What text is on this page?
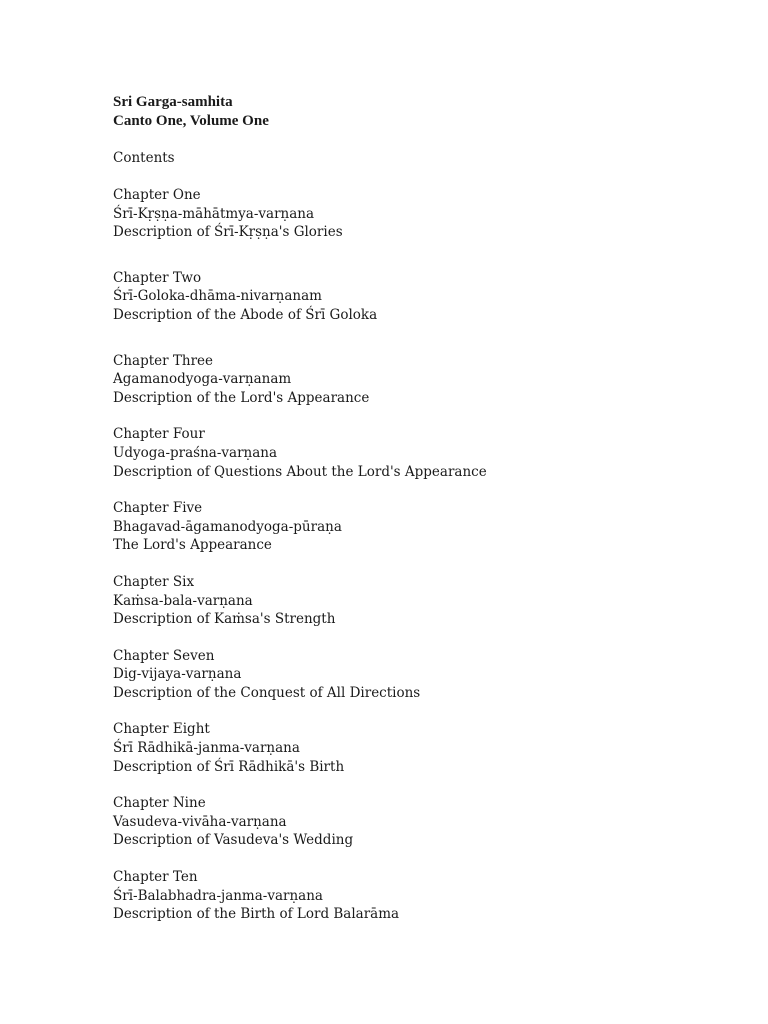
Sri Garga-samhita
Canto One, Volume One
Contents
Chapter One
Śrī-Kṛṣṇa-māhātmya-varṇana
Description of Śrī-Kṛṣṇa's Glories
Chapter Two
Śrī-Goloka-dhāma-nivarṇanam
Description of the Abode of Śrī Goloka
Chapter Three
Agamanodyoga-varṇanam
Description of the Lord's Appearance
Chapter Four
Udyoga-praśna-varṇana
Description of Questions About the Lord's Appearance
Chapter Five
Bhagavad-āgamanodyoga-pūraṇa
The Lord's Appearance
Chapter Six
Kaṁsa-bala-varṇana
Description of Kaṁsa's Strength
Chapter Seven
Dig-vijaya-varṇana
Description of the Conquest of All Directions
Chapter Eight
Śrī Rādhikā-janma-varṇana
Description of Śrī Rādhikā's Birth
Chapter Nine
Vasudeva-vivāha-varṇana
Description of Vasudeva's Wedding
Chapter Ten
Śrī-Balabhadra-janma-varṇana
Description of the Birth of Lord Balarāma
